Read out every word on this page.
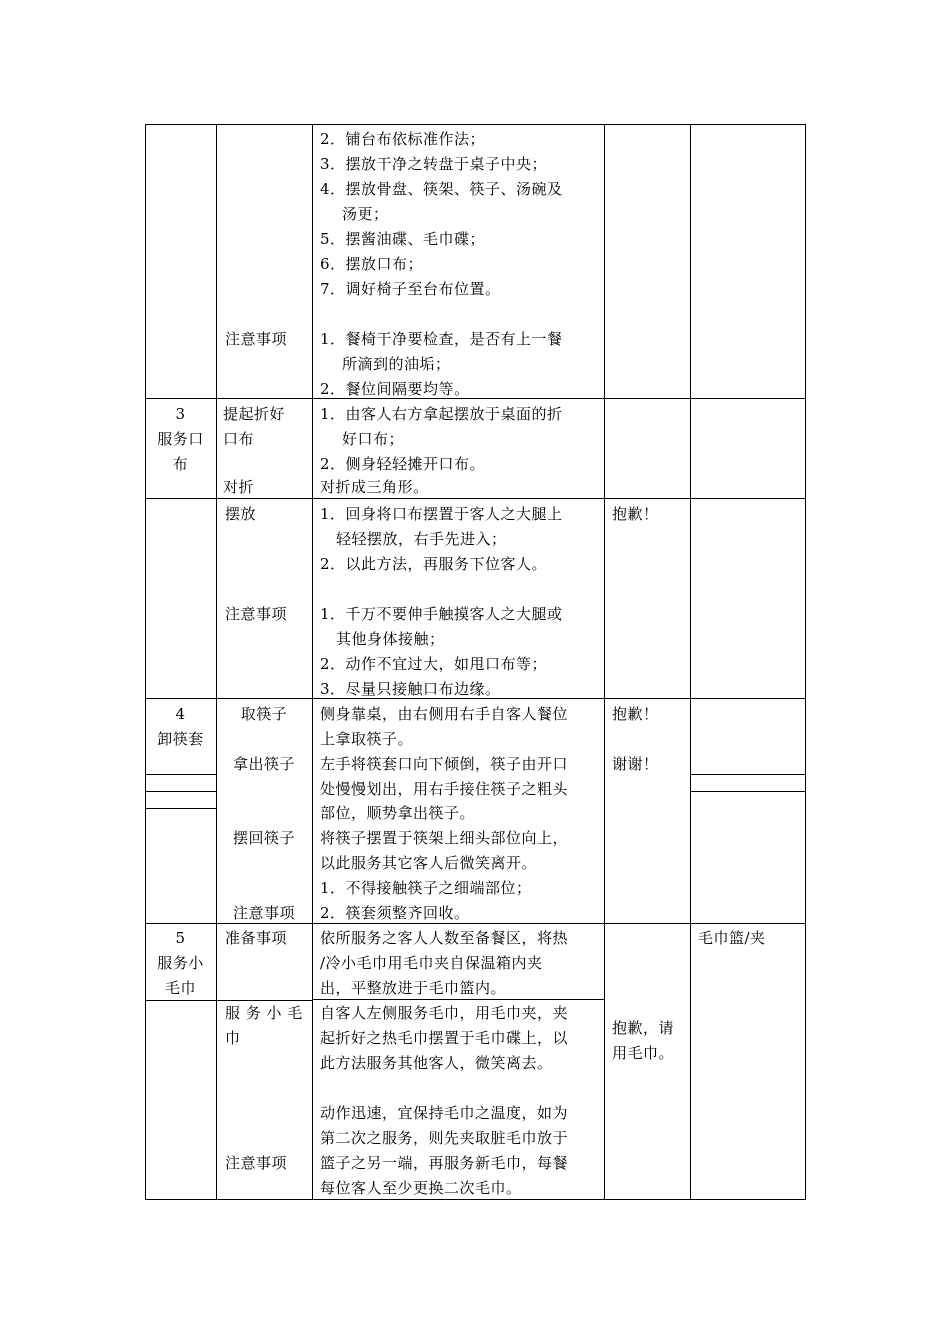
2．铺台布依标准作法；
3．摆放干净之转盘于桌子中央；
4．摆放骨盘、筷架、筷子、汤碗及
汤更；
5．摆酱油碟、毛巾碟；
6．摆放口布；
7．调好椅子至台布位置。
注意事项 1．餐椅干净要检查，是否有上一餐
所滴到的油垢；
2．餐位间隔要均等。
3
服务口
布
提起折好
口布
对折
1．由客人右方拿起摆放于桌面的折
好口布；
2．侧身轻轻摊开口布。
对折成三角形。
摆放	1．回身将口布摆置于客人之大腿上
轻轻摆放，右手先进入；
2．以此方法，再服务下位客人。
注意事项 1．千万不要伸手触摸客人之大腿或
其他身体接触；
2．动作不宜过大，如甩口布等；
3．尽量只接触口布边缘。
抱歉！
4
卸筷套
取筷子
拿出筷子
摆回筷子
注意事项
侧身靠桌，由右侧用右手自客人餐位
上拿取筷子。
左手将筷套口向下倾倒，筷子由开口
处慢慢划出，用右手接住筷子之粗头
部位，顺势拿出筷子。
将筷子摆置于筷架上细头部位向上，
以此服务其它客人后微笑离开。
1．不得接触筷子之细端部位；
2．筷套须整齐回收。
抱歉！
谢谢！
5
服务小
毛巾
准备事项 依所服务之客人人数至备餐区，将热
/冷小毛巾用毛巾夹自保温箱内夹
出，平整放进于毛巾篮内。
服 务 小 毛
巾
自客人左侧服务毛巾，用毛巾夹，夹
起折好之热毛巾摆置于毛巾碟上，以
此方法服务其他客人，微笑离去。
注意事项
动作迅速，宜保持毛巾之温度，如为
第二次之服务，则先夹取脏毛巾放于
篮子之另一端，再服务新毛巾，每餐
每位客人至少更换二次毛巾。
抱歉，请
用毛巾。
毛巾篮/夹
